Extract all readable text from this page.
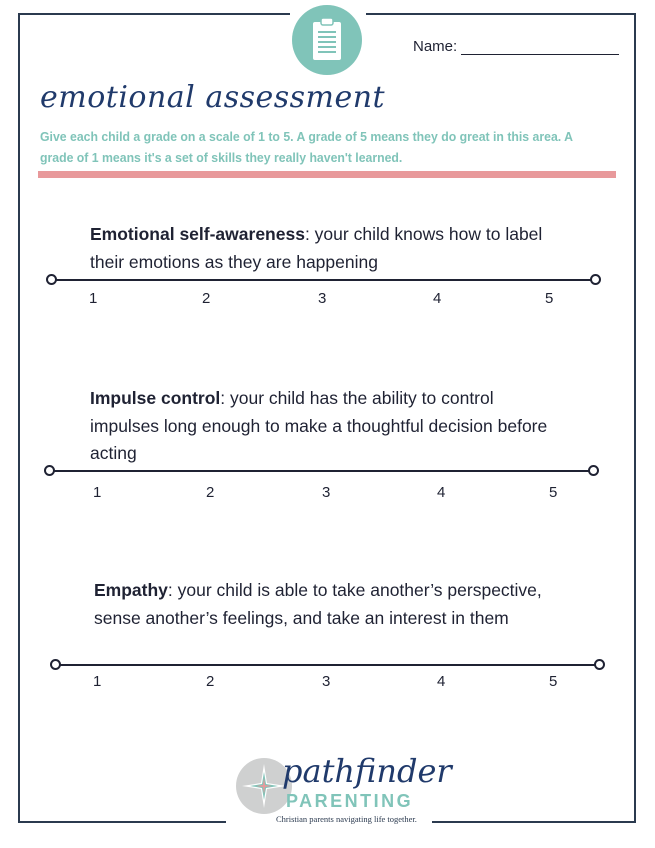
Name:
emotional assessment
Give each child a grade on a scale of 1 to 5. A grade of 5 means they do great in this area. A grade of 1 means it's a set of skills they really haven't learned.
Emotional self-awareness: your child knows how to label their emotions as they are happening
1	2	3	4	5
Impulse control: your child has the ability to control impulses long enough to make a thoughtful decision before acting
1	2	3	4	5
Empathy: your child is able to take another’s perspective, sense another’s feelings, and take an interest in them
1	2	3	4	5
pathfinder
PARENTING
Christian parents navigating life together.
